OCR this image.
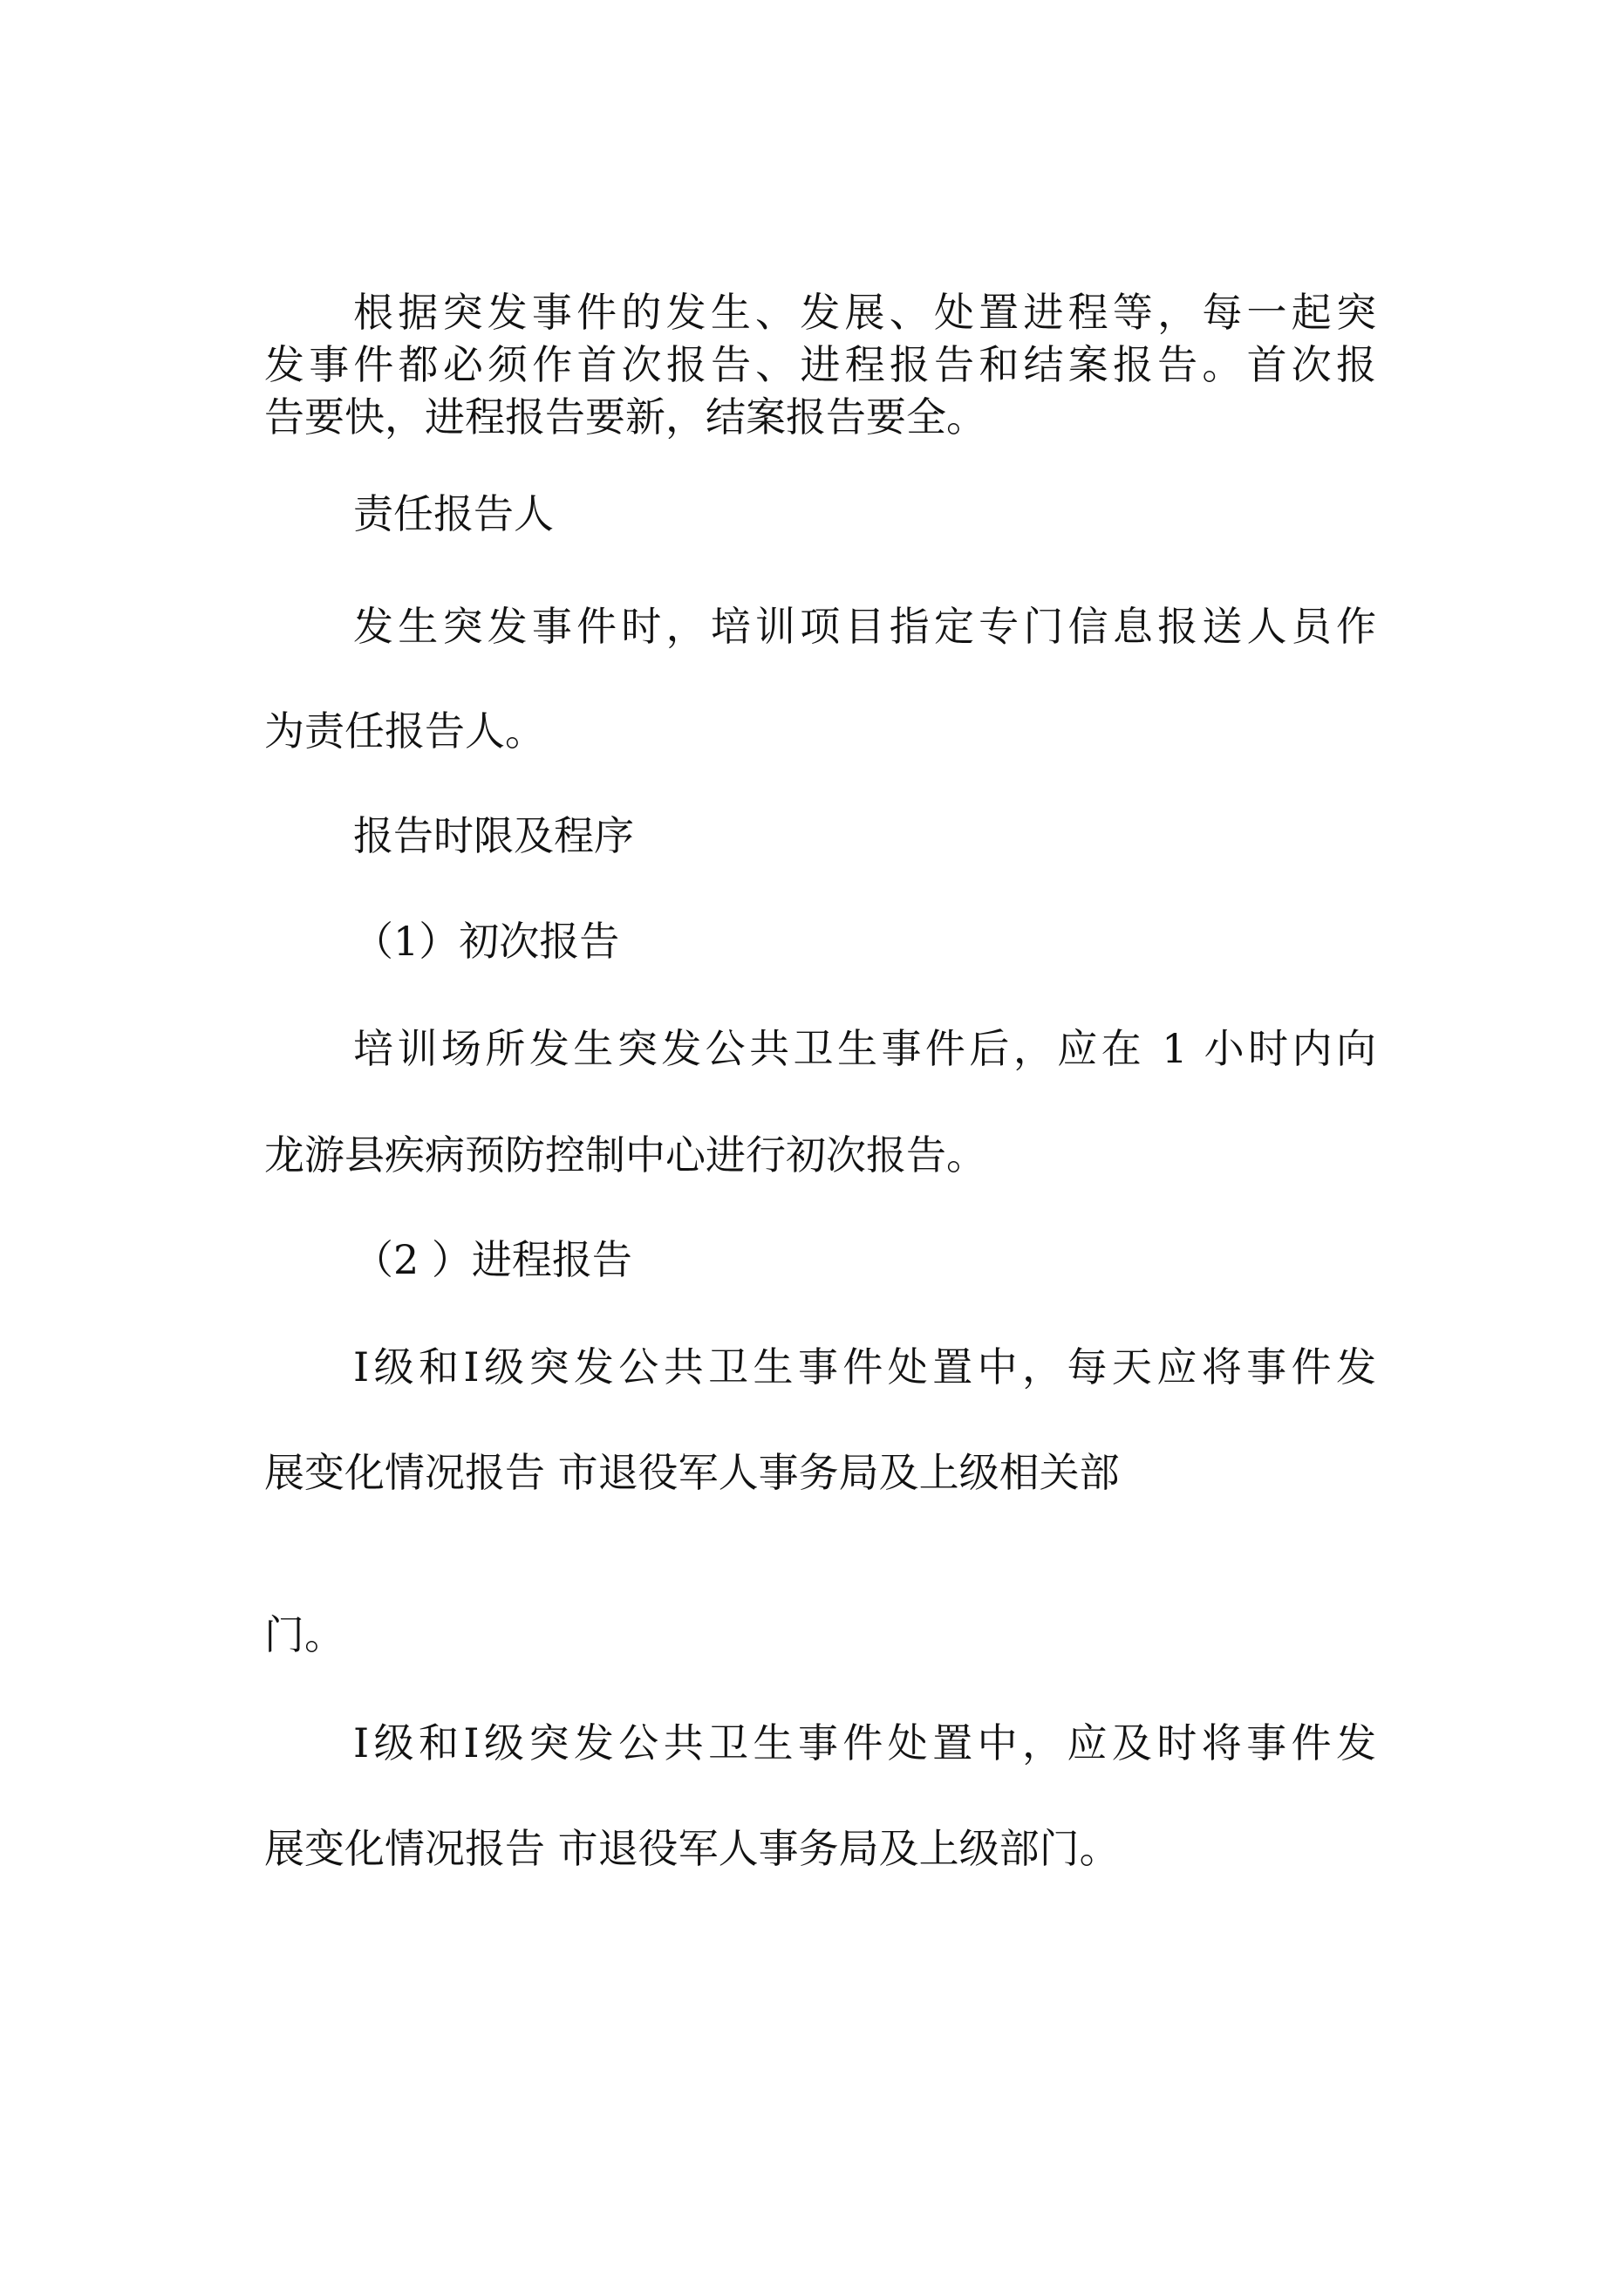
根据突发事件的发生、发展、处置进程等，每一起突

发事件都必须作首次报告、进程报告和结案报告。首次报

告要快，进程报告要新，结案报告要全。

责任报告人

发生突发事件时，培训项目指定专门信息报送人员作

为责任报告人。

报告时限及程序

（1）初次报告

培训场所发生突发公共卫生事件后，应在 1 小时内向

龙游县疾病预防控制中心进行初次报告。

（2 ）进程报告

Ⅰ级和Ⅰ级突发公共卫生事件处置中，每天应将事件发

展变化情况报告 市退役军人事务局及上级相关部

门。

Ⅰ级和Ⅰ级突发公共卫生事件处置中，应及时将事件发

展变化情况报告 市退役军人事务局及上级部门。
